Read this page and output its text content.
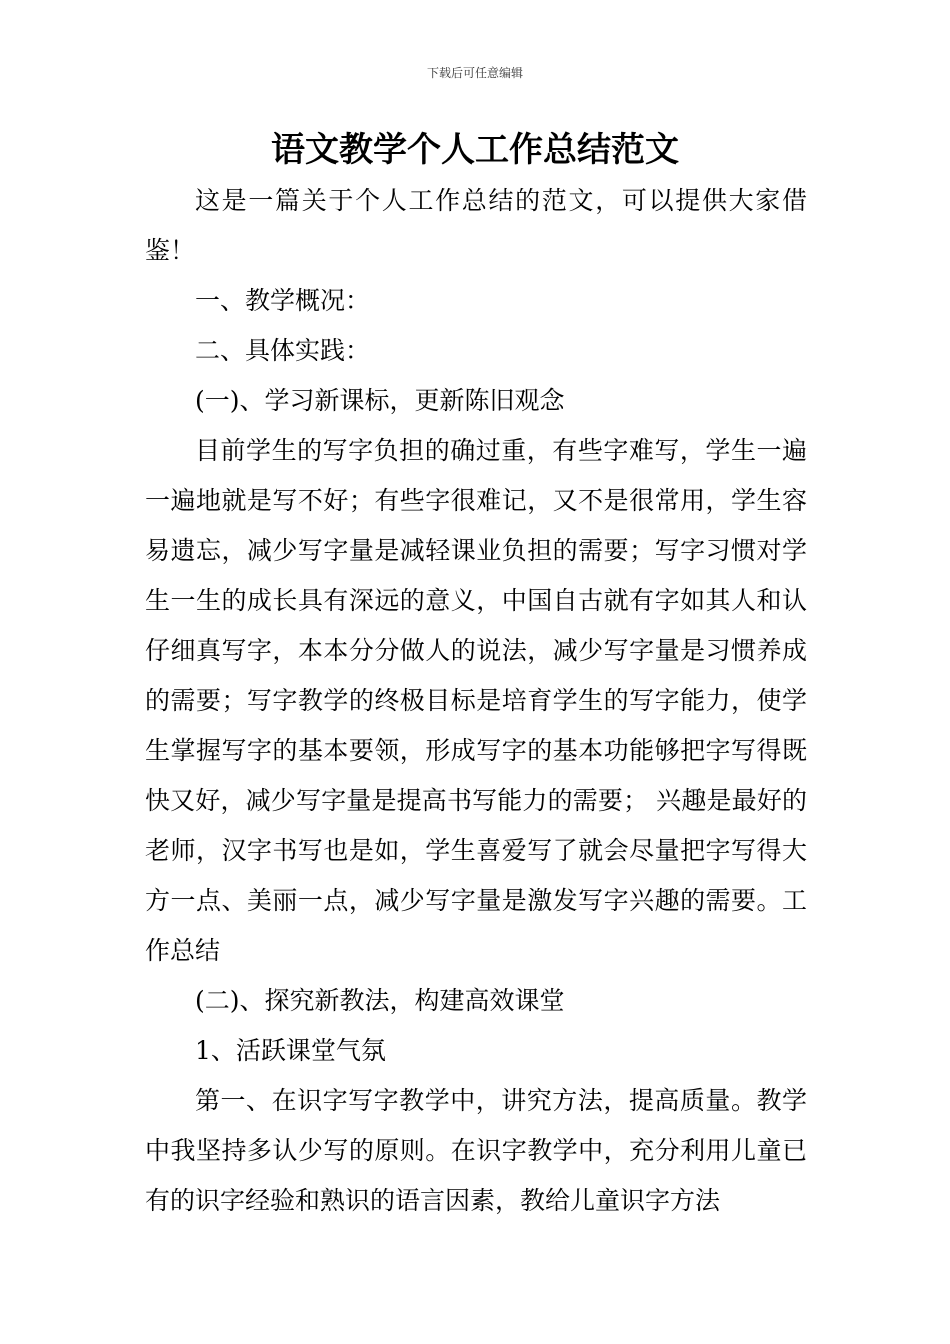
下载后可任意编辑
语文教学个人工作总结范文

这是一篇关于个人工作总结的范文，可以提供大家借鉴！

一、教学概况：

二、具体实践：

(一)、学习新课标，更新陈旧观念

目前学生的写字负担的确过重，有些字难写，学生一遍一遍地就是写不好；有些字很难记，又不是很常用，学生容易遗忘，减少写字量是减轻课业负担的需要；写字习惯对学生一生的成长具有深远的意义，中国自古就有字如其人和认仔细真写字，本本分分做人的说法，减少写字量是习惯养成的需要；写字教学的终极目标是培育学生的写字能力，使学生掌握写字的基本要领，形成写字的基本功能够把字写得既快又好，减少写字量是提高书写能力的需要； 兴趣是最好的老师，汉字书写也是如，学生喜爱写了就会尽量把字写得大方一点、美丽一点，减少写字量是激发写字兴趣的需要。工作总结

(二)、探究新教法，构建高效课堂

1、活跃课堂气氛

第一、在识字写字教学中，讲究方法，提高质量。教学中我坚持多认少写的原则。在识字教学中，充分利用儿童已有的识字经验和熟识的语言因素，教给儿童识字方法
